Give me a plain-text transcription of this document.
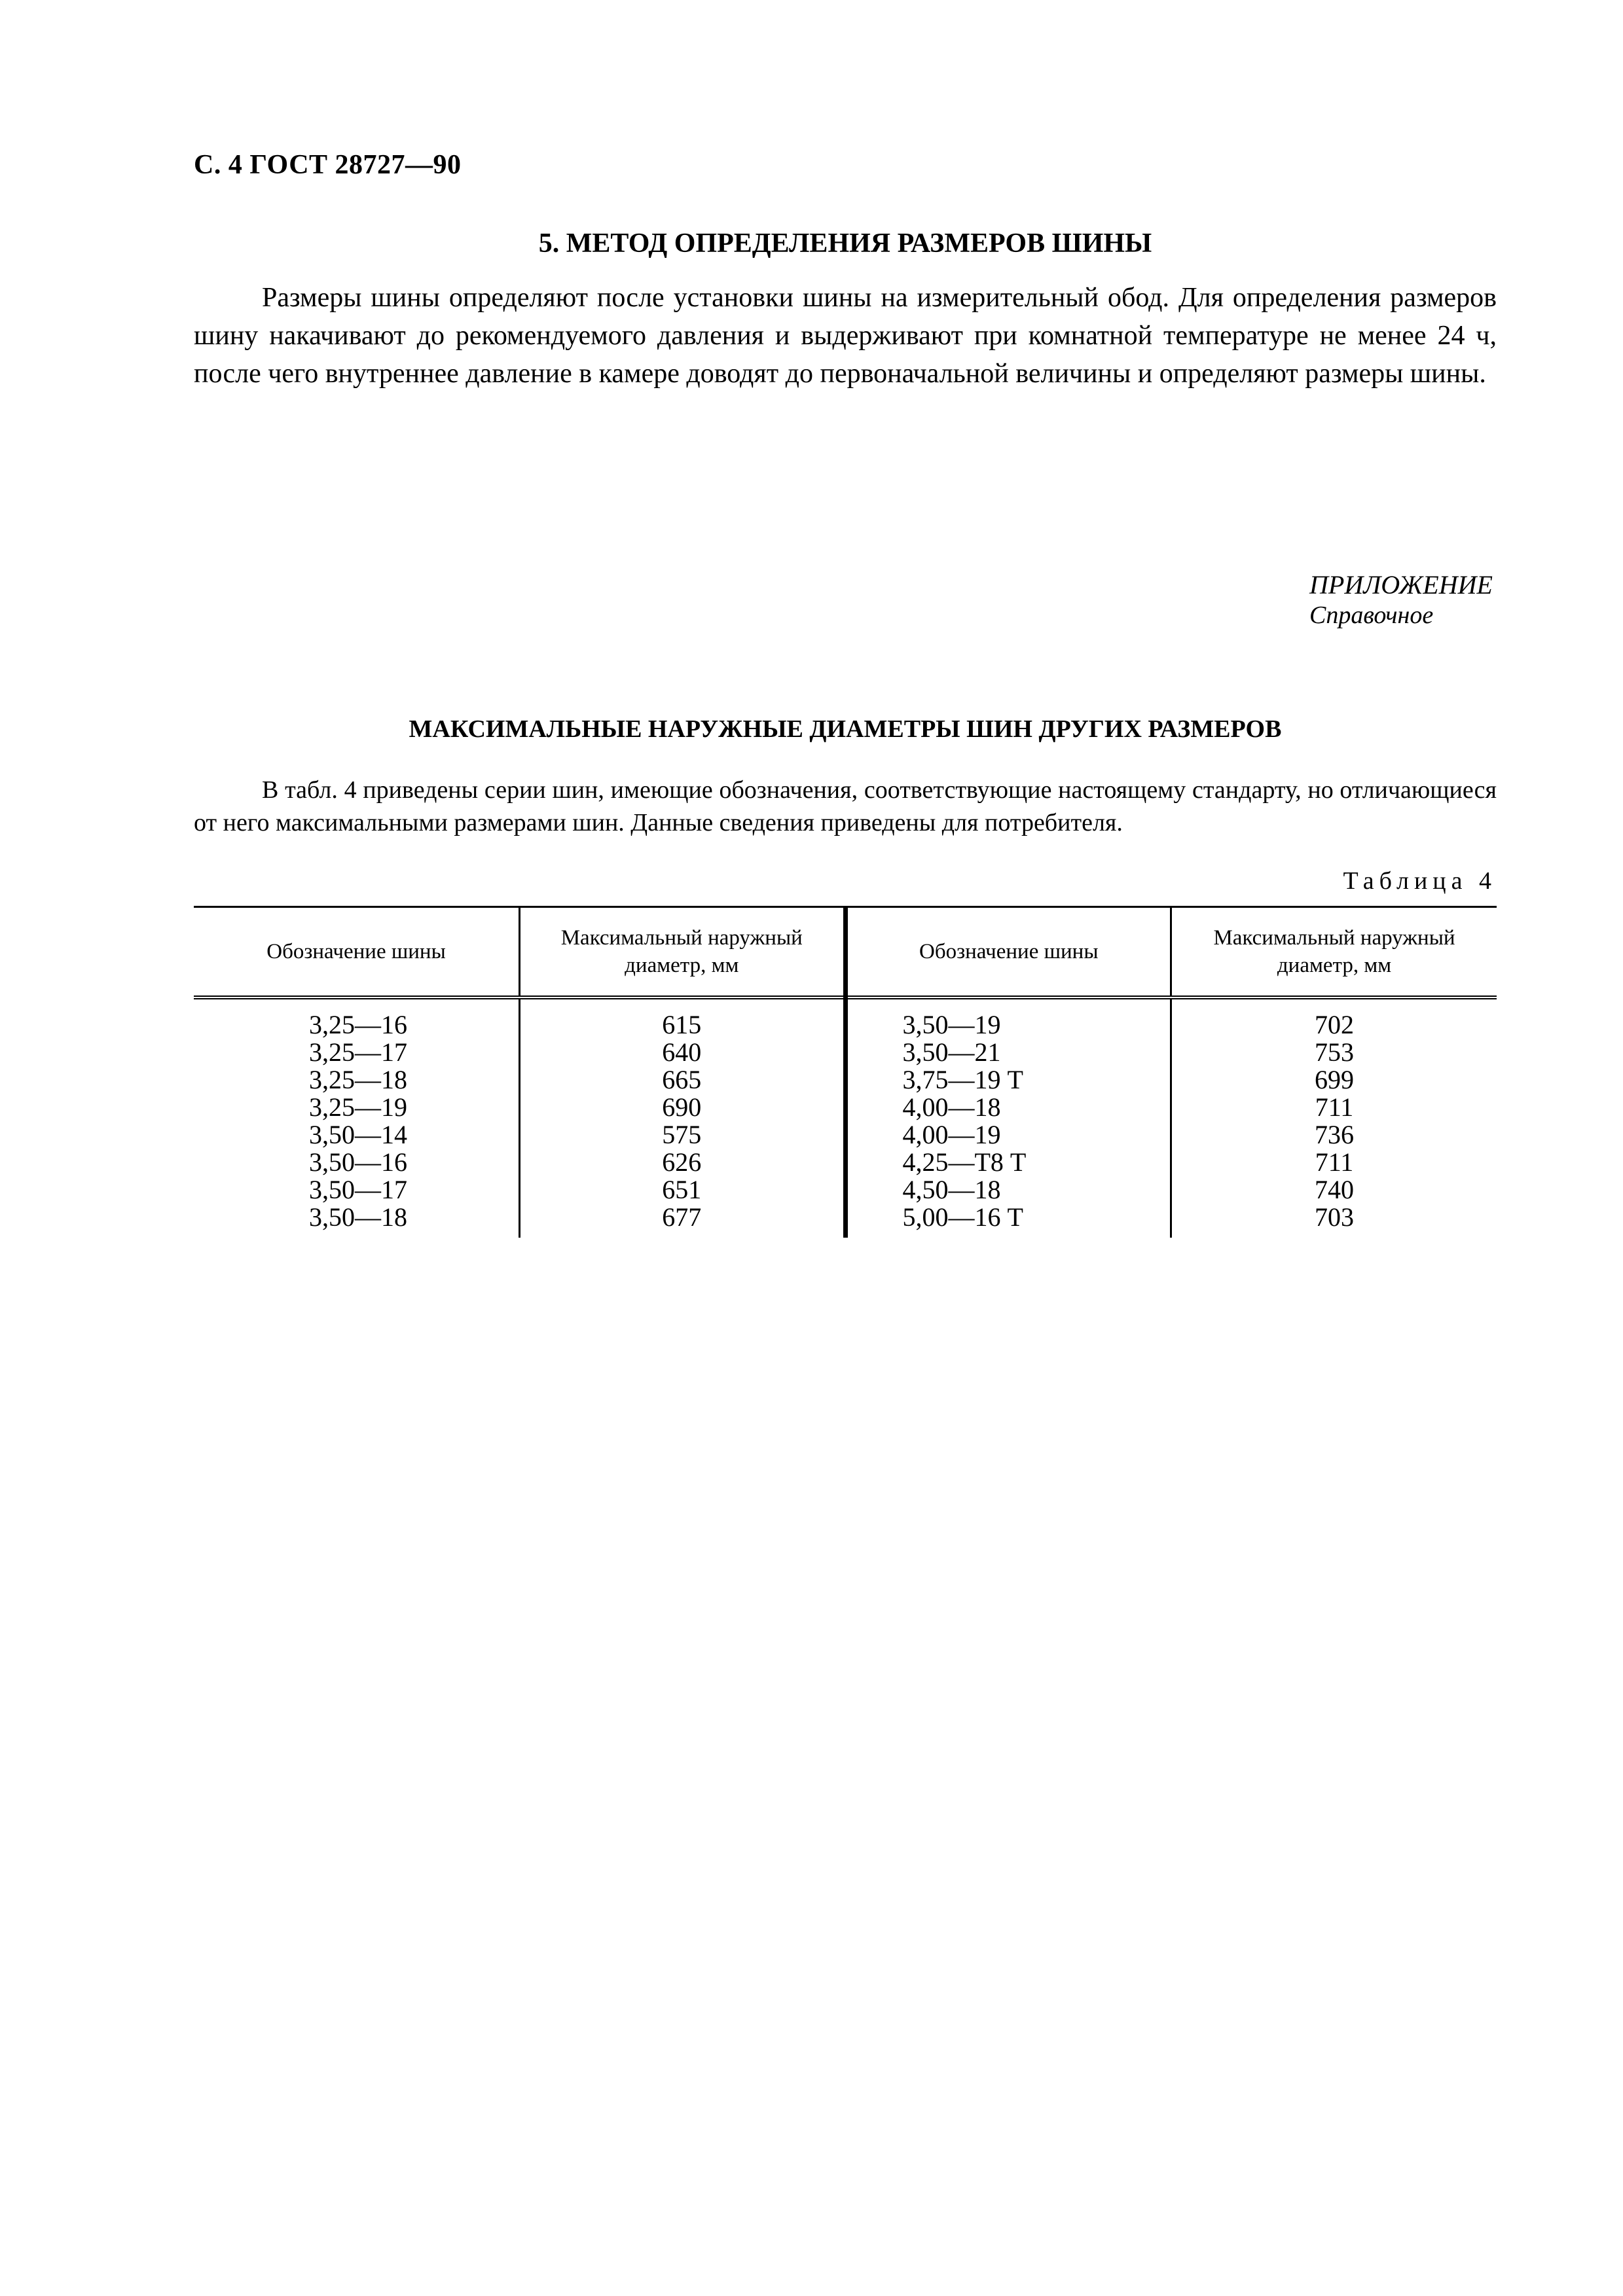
С. 4 ГОСТ 28727—90
5. МЕТОД ОПРЕДЕЛЕНИЯ РАЗМЕРОВ ШИНЫ

Размеры шины определяют после установки шины на измерительный обод. Для определения размеров шину накачивают до рекомендуемого давления и выдерживают при комнатной температуре не менее 24 ч, после чего внутреннее давление в камере доводят до первоначальной величины и определяют размеры шины.

ПРИЛОЖЕНИЕ
Справочное
МАКСИМАЛЬНЫЕ НАРУЖНЫЕ ДИАМЕТРЫ ШИН ДРУГИХ РАЗМЕРОВ

В табл. 4 приведены серии шин, имеющие обозначения, соответствующие настоящему стандарту, но отличающиеся от него максимальными размерами шин. Данные сведения приведены для потребителя.

Таблица 4
Обозначение шины	Максимальный наружный диаметр, мм	Обозначение шины	Максимальный наружный диаметр, мм
3,25—16	615	3,50—19	702
3,25—17	640	3,50—21	753
3,25—18	665	3,75—19 Т	699
3,25—19	690	4,00—18	711
3,50—14	575	4,00—19	736
3,50—16	626	4,25—Т8 Т	711
3,50—17	651	4,50—18	740
3,50—18	677	5,00—16 Т	703
